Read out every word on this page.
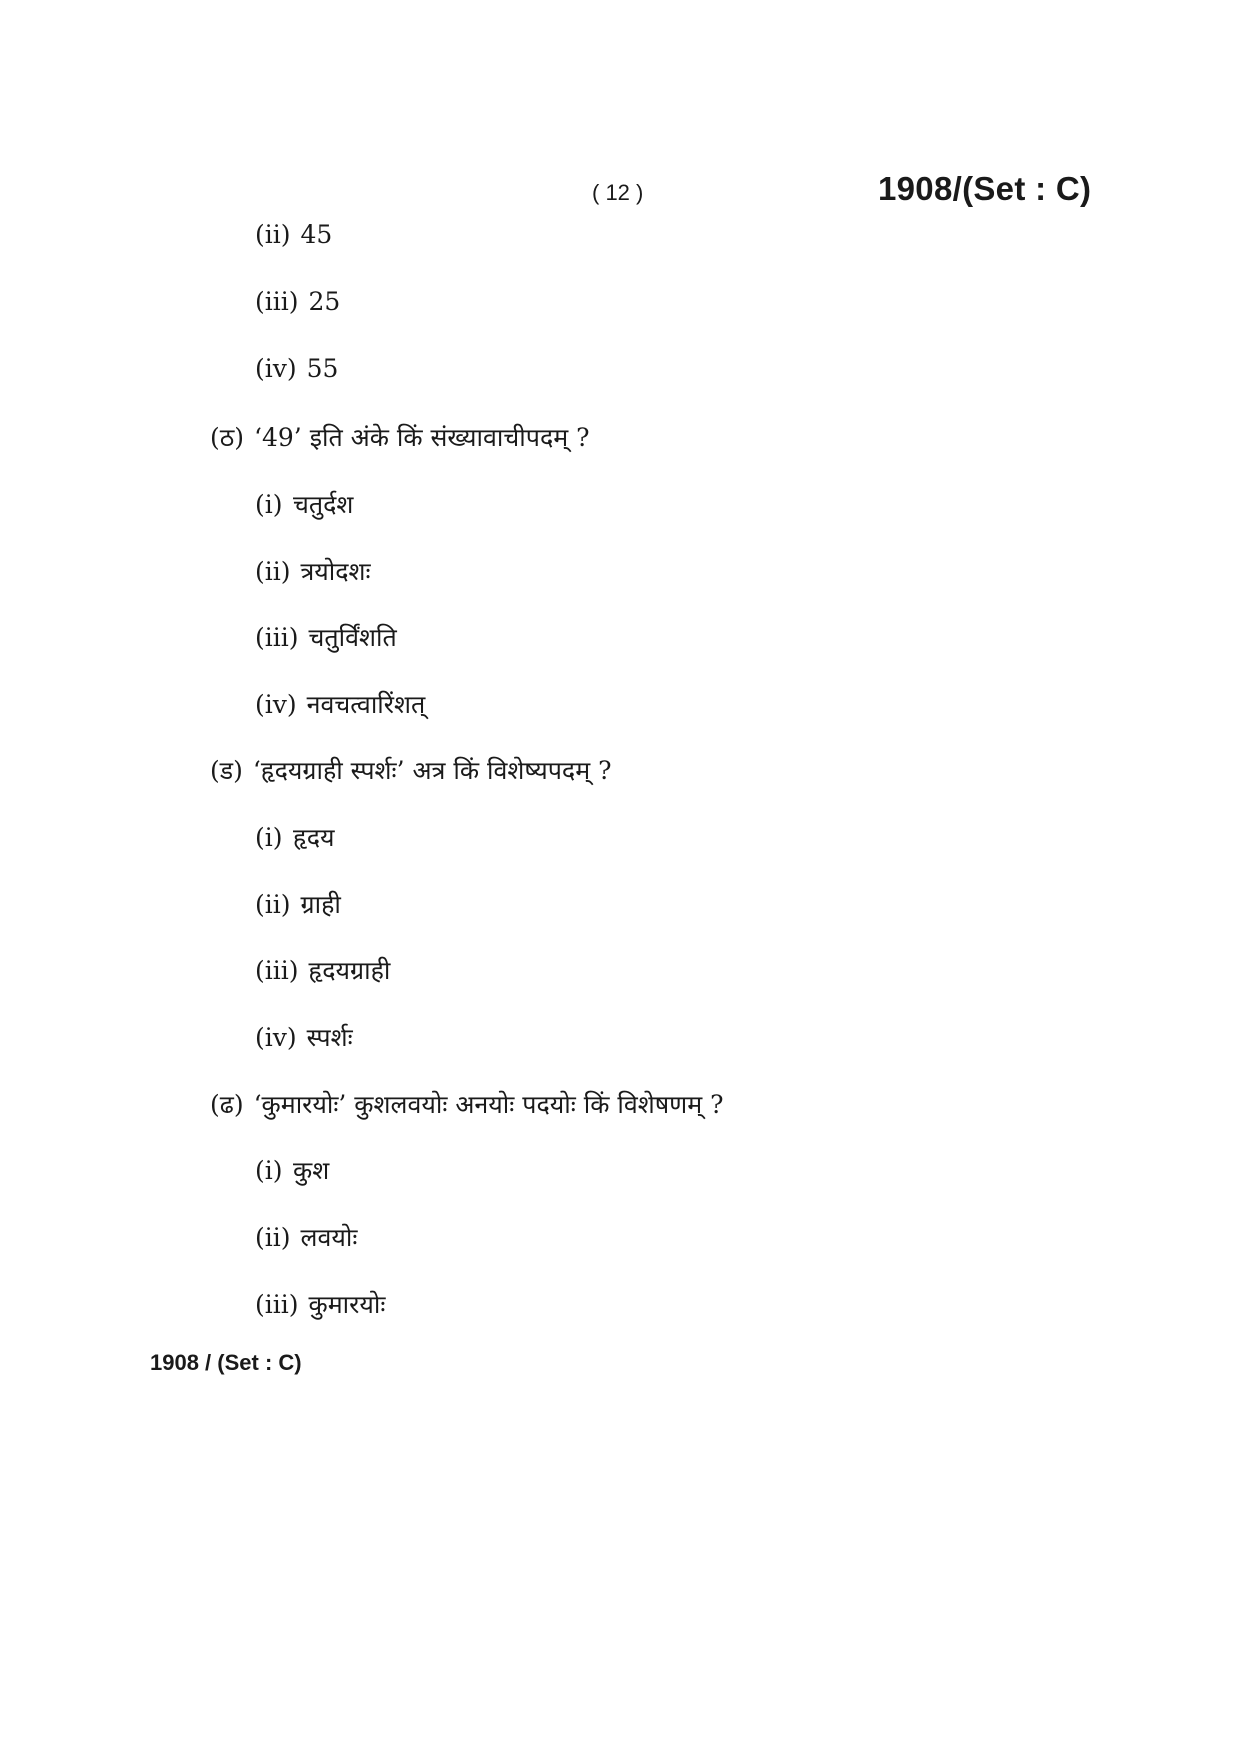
( 12 )	1908/(Set : C)
(ii) 45
(iii) 25
(iv) 55
(ठ) ‘49’ इति अंके किं संख्यावाचीपदम् ?
(i) चतुर्दश
(ii) त्रयोदशः
(iii) चतुर्विंशति
(iv) नवचत्वारिंशत्
(ड) ‘हृदयग्राही स्पर्शः’ अत्र किं विशेष्यपदम् ?
(i) हृदय
(ii) ग्राही
(iii) हृदयग्राही
(iv) स्पर्शः
(ढ) ‘कुमारयोः’ कुशलवयोः अनयोः पदयोः किं विशेषणम् ?
(i) कुश
(ii) लवयोः
(iii) कुमारयोः
1908 / (Set : C)
